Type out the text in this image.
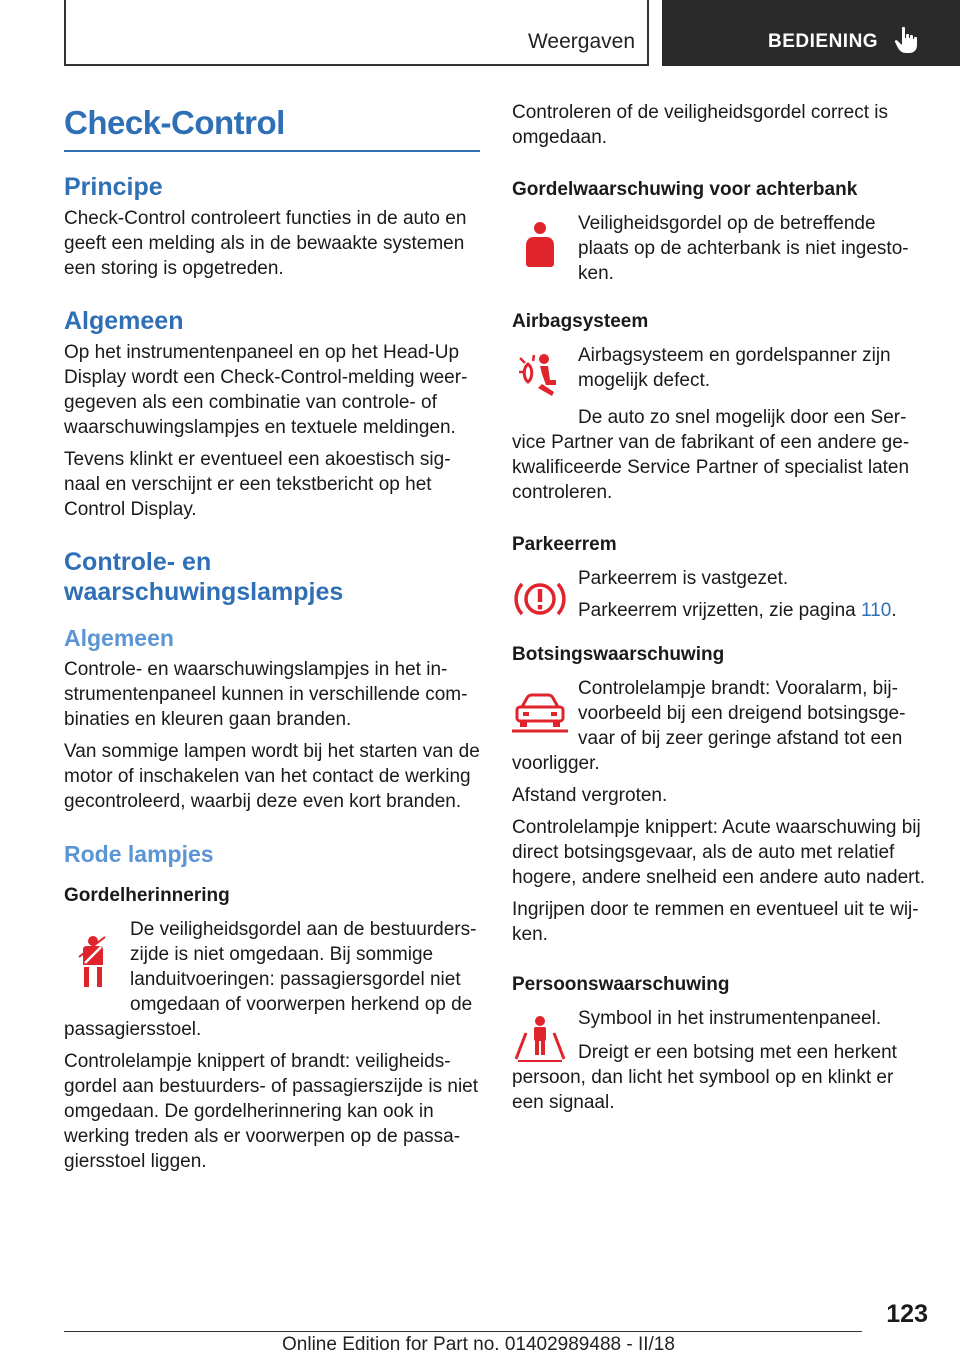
Weergaven	BEDIENING
Check-Control
Principe

Check-Control controleert functies in de auto en geeft een melding als in de bewaakte systemen een storing is opgetreden.

Algemeen

Op het instrumentenpaneel en op het Head-Up Display wordt een Check-Control-melding weergegeven als een combinatie van controle- of waarschuwingslampjes en textuele meldingen.

Tevens klinkt er eventueel een akoestisch signaal en verschijnt er een tekstbericht op het Control Display.

Controle- en waarschuwingslampjes
Algemeen

Controle- en waarschuwingslampjes in het instrumentenpaneel kunnen in verschillende combinaties en kleuren gaan branden.

Van sommige lampen wordt bij het starten van de motor of inschakelen van het contact de werking gecontroleerd, waarbij deze even kort branden.

Rode lampjes
Gordelherinnering

De veiligheidsgordel aan de bestuurderszijde is niet omgedaan. Bij sommige landuitvoeringen: passagiersgordel niet omgedaan of voorwerpen herkend op de passagiersstoel.

Controlelampje knippert of brandt: veiligheidsgordel aan bestuurders- of passagierszijde is niet omgedaan. De gordelherinnering kan ook in werking treden als er voorwerpen op de passagiersstoel liggen.

Controleren of de veiligheidsgordel correct is omgedaan.

Gordelwaarschuwing voor achterbank

Veiligheidsgordel op de betreffende plaats op de achterbank is niet ingestoken.

Airbagsysteem

Airbagsysteem en gordelspanner zijn mogelijk defect.

De auto zo snel mogelijk door een Service Partner van de fabrikant of een andere gekwalificeerde Service Partner of specialist laten controleren.

Parkeerrem

Parkeerrem is vastgezet.

Parkeerrem vrijzetten, zie pagina 110.

Botsingswaarschuwing

Controlelampje brandt: Vooralarm, bijvoorbeeld bij een dreigend botsingsgevaar of bij zeer geringe afstand tot een voorligger.

Afstand vergroten.

Controlelampje knippert: Acute waarschuwing bij direct botsingsgevaar, als de auto met relatief hogere, andere snelheid een andere auto nadert.

Ingrijpen door te remmen en eventueel uit te wijken.

Persoonswaarschuwing

Symbool in het instrumentenpaneel.

Dreigt er een botsing met een herkent persoon, dan licht het symbool op en klinkt er een signaal.

123
Online Edition for Part no. 01402989488 - II/18
